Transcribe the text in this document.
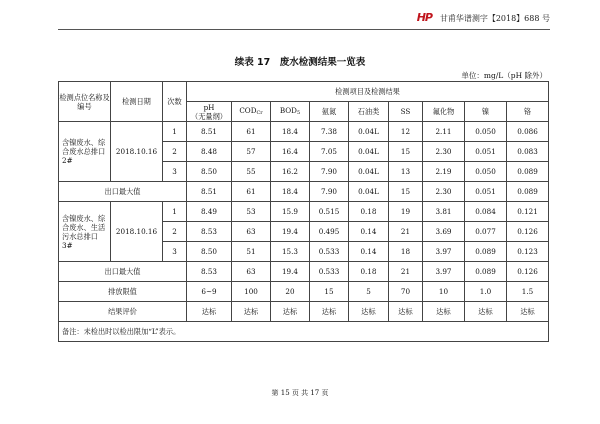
HP 甘甫华谱测字【2018】688 号
续表 17　废水检测结果一览表
单位：mg/L（pH 除外）
检测点位名称及编号	检测日期	次数	检测项目及检测结果								
			pH
（无量纲）	$COD_{Cr}$	$BOD_5$	氨氮	石油类	SS	氟化物	镍	铬
含镍废水、综合废水总排口 2#	2018.10.16	1	8.51	61	18.4	7.38	0.04L	12	2.11	0.050	0.086
		2	8.48	57	16.4	7.05	0.04L	15	2.30	0.051	0.083
		3	8.50	55	16.2	7.90	0.04L	13	2.19	0.050	0.089
出口最大值			8.51	61	18.4	7.90	0.04L	15	2.30	0.051	0.089
含镍废水、综合废水、生活污水总排口 3#	2018.10.16	1	8.49	53	15.9	0.515	0.18	19	3.81	0.084	0.121
		2	8.53	63	19.4	0.495	0.14	21	3.69	0.077	0.126
		3	8.50	51	15.3	0.533	0.14	18	3.97	0.089	0.123
出口最大值			8.53	63	19.4	0.533	0.18	21	3.97	0.089	0.126
排放限值			6~9	100	20	15	5	70	10	1.0	1.5
结果评价			达标	达标	达标	达标	达标	达标	达标	达标	达标
备注：未检出时以检出限加“L”表示。											
第 15 页 共 17 页
